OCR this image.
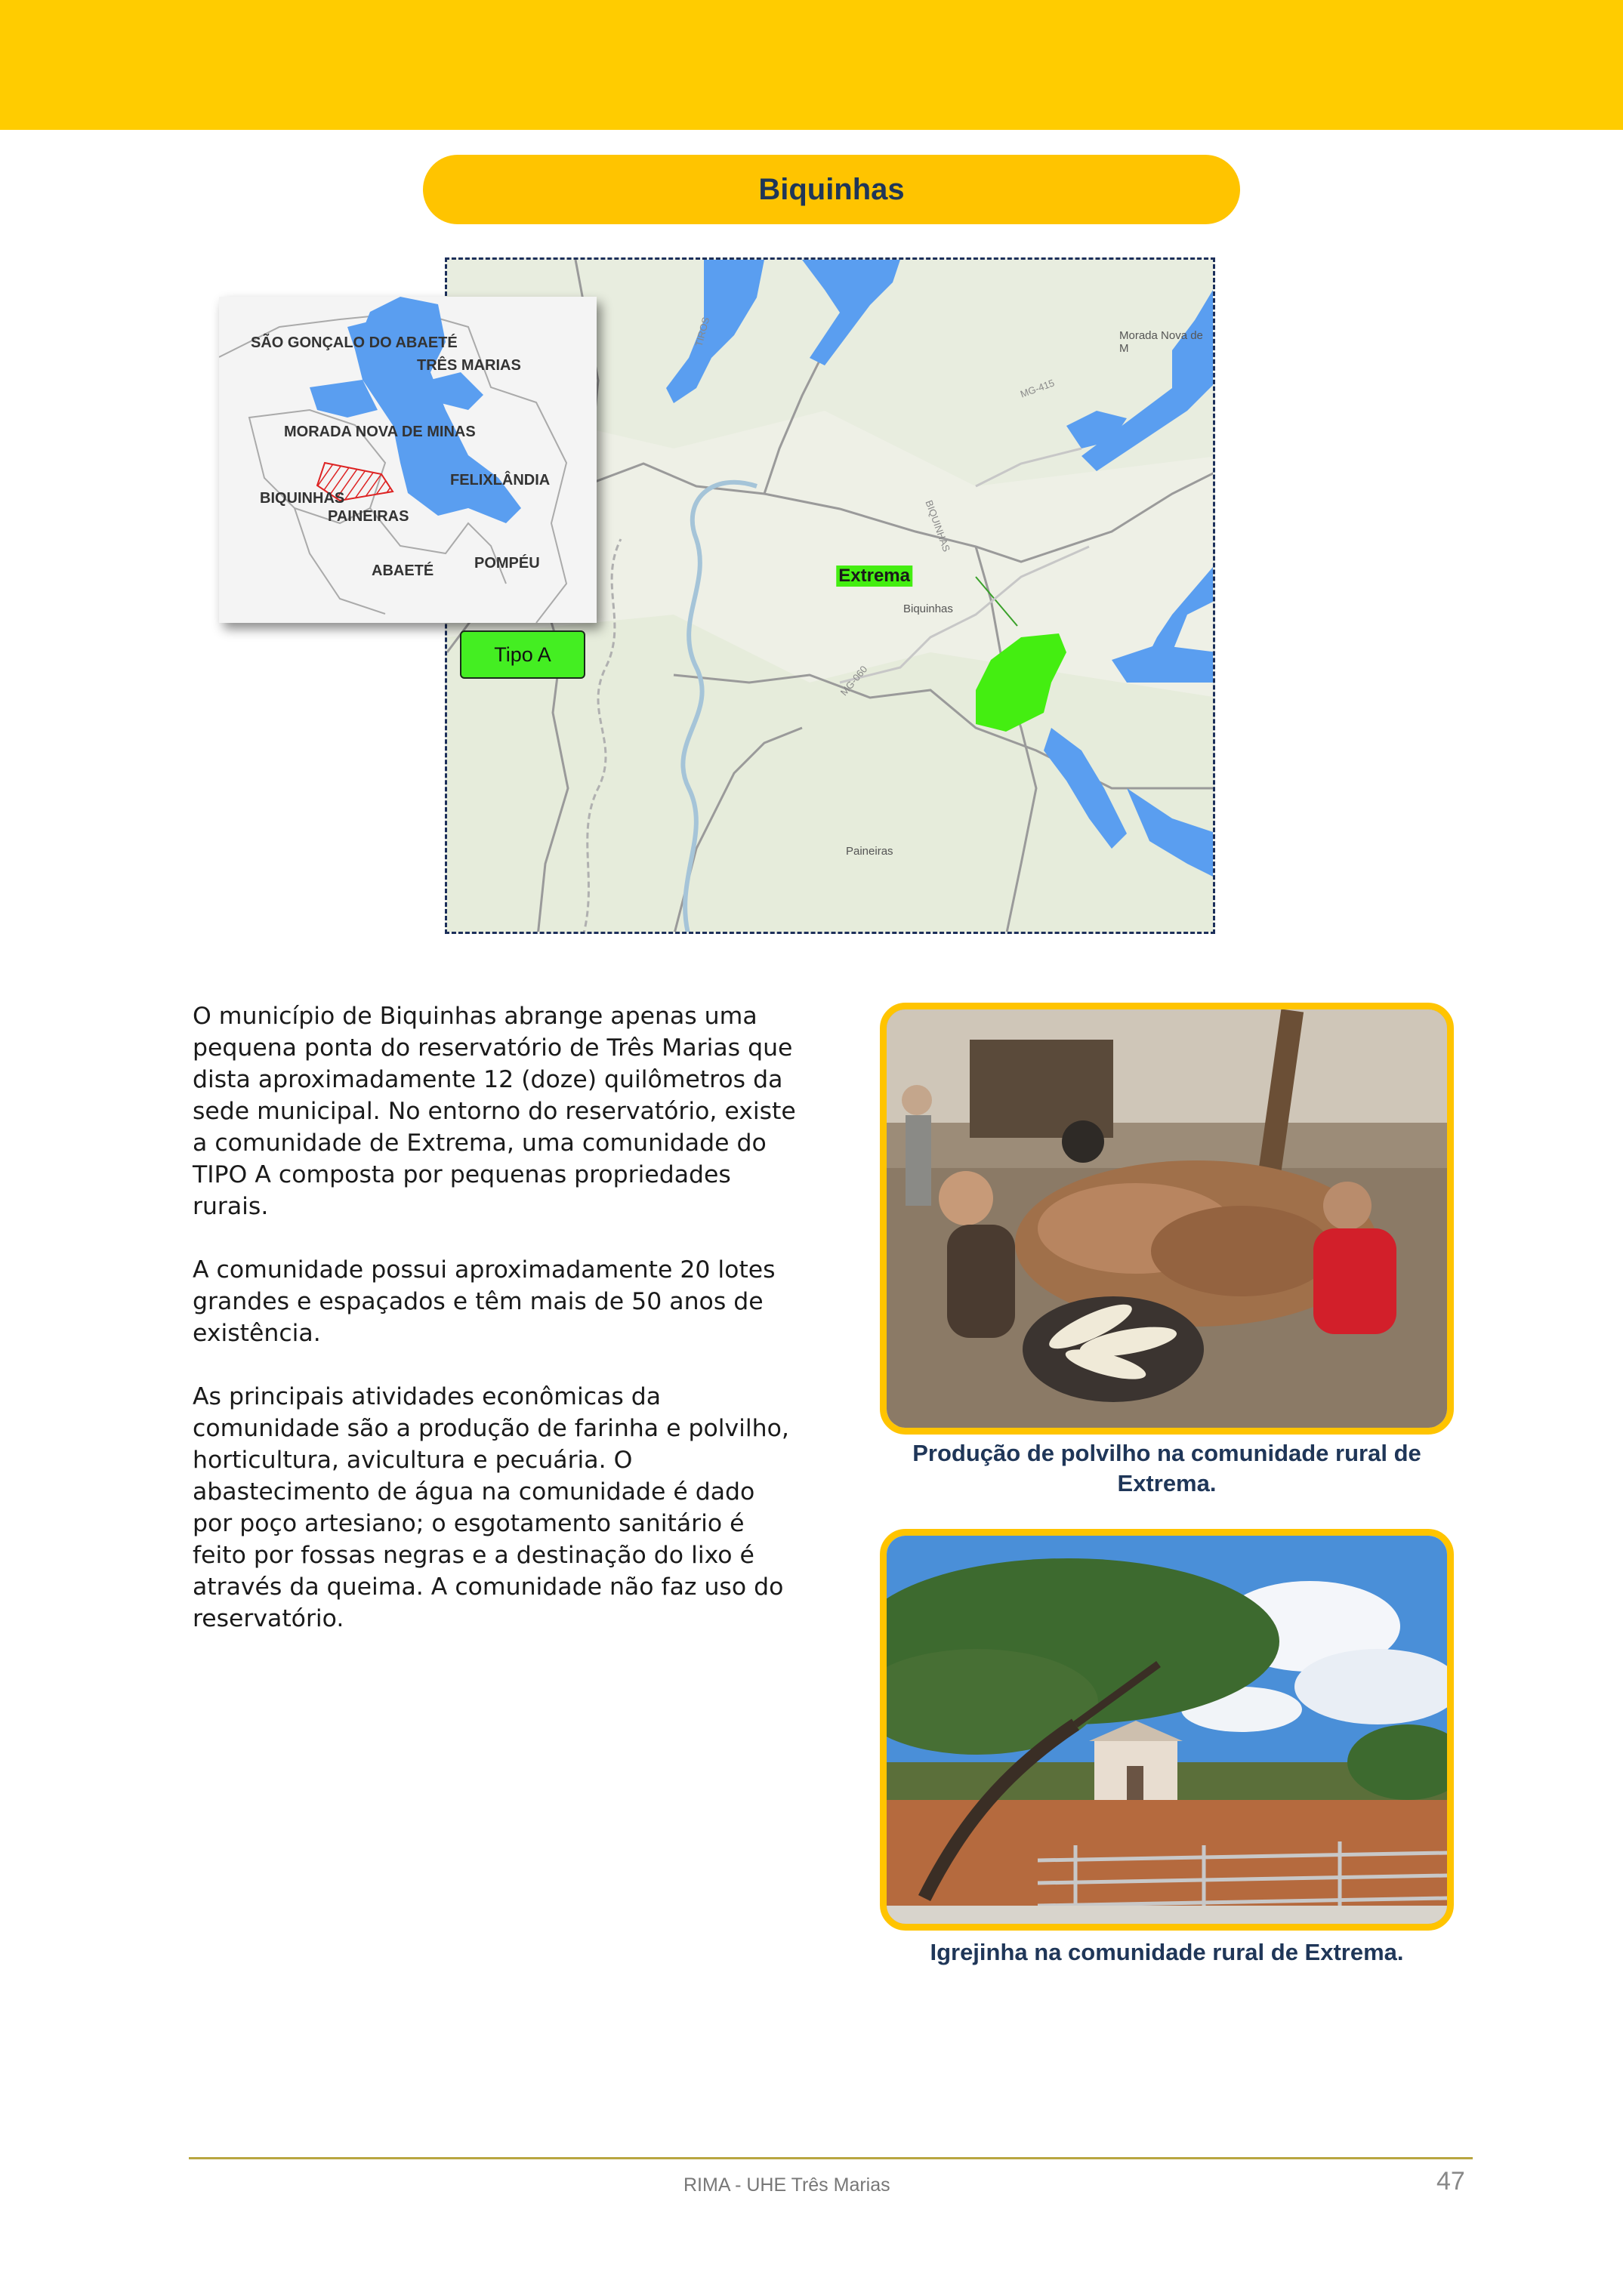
Biquinhas
Biquinhas
Paineiras
Morada Nova de M
MG-415
MG-060
BIQUINHAS
TIROS
Extrema
SÃO GONÇALO DO ABAETÉ
TRÊS MARIAS
MORADA NOVA DE MINAS
FELIXLÂNDIA
BIQUINHAS
PAINEIRAS
ABAETÉ	POMPÉU
Tipo A

O município de Biquinhas abrange apenas uma pequena ponta do reservatório de Três Marias que dista aproximadamente 12 (doze) quilômetros da sede municipal. No entorno do reservatório, existe a comunidade de Extrema, uma comunidade do TIPO A composta por pequenas propriedades rurais.

A comunidade possui aproximadamente 20 lotes grandes e espaçados e têm mais de 50 anos de existência.

As principais atividades econômicas da comunidade são a produção de farinha e polvilho, horticultura, avicultura e pecuária. O abastecimento de água na comunidade é dado por poço artesiano; o esgotamento sanitário é feito por fossas negras e a destinação do lixo é através da queima. A comunidade não faz uso do reservatório.

Produção de polvilho na comunidade rural de Extrema.
Igrejinha na comunidade rural de Extrema.
RIMA - UHE Três Marias	47
